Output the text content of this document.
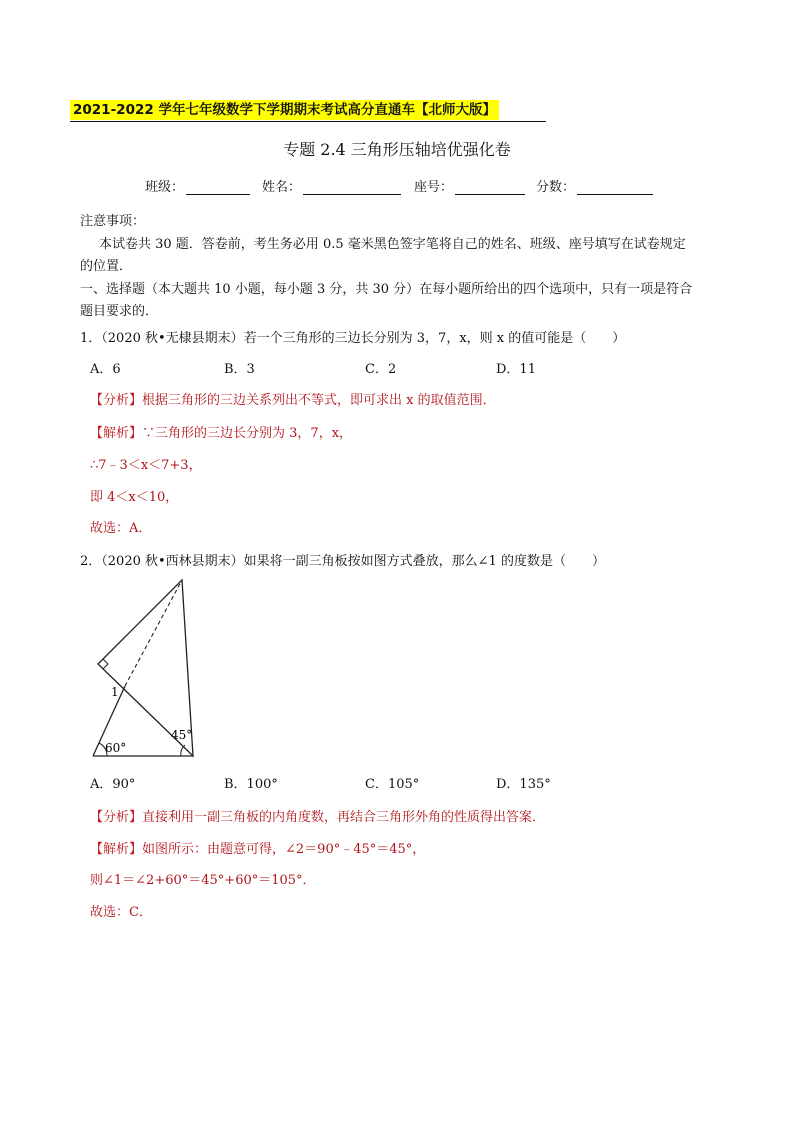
2021-2022 学年七年级数学下学期期末考试高分直通车【北师大版】
专题 2.4 三角形压轴培优强化卷
班级：	姓名：	座号：	分数：
注意事项：
本试卷共 30 题．答卷前，考生务必用 0.5 毫米黑色签字笔将自己的姓名、班级、座号填写在试卷规定
的位置．
一、选择题（本大题共 10 小题，每小题 3 分，共 30 分）在每小题所给出的四个选项中，只有一项是符合
题目要求的．
1．（2020 秋•无棣县期末）若一个三角形的三边长分别为 3，7，x，则 x 的值可能是（　　）
A．6	B．3	C．2	D．11
【分析】根据三角形的三边关系列出不等式，即可求出 x 的取值范围．
【解析】∵三角形的三边长分别为 3，7，x，
∴7﹣3＜x＜7+3，
即 4＜x＜10，
故选：A．
2．（2020 秋•西林县期末）如果将一副三角板按如图方式叠放，那么∠1 的度数是（　　）
1
45°
60°
A．90°	B．100°	C．105°	D．135°
【分析】直接利用一副三角板的内角度数，再结合三角形外角的性质得出答案．
【解析】如图所示：由题意可得，∠2＝90°﹣45°＝45°，
则∠1＝∠2+60°＝45°+60°＝105°．
故选：C．
